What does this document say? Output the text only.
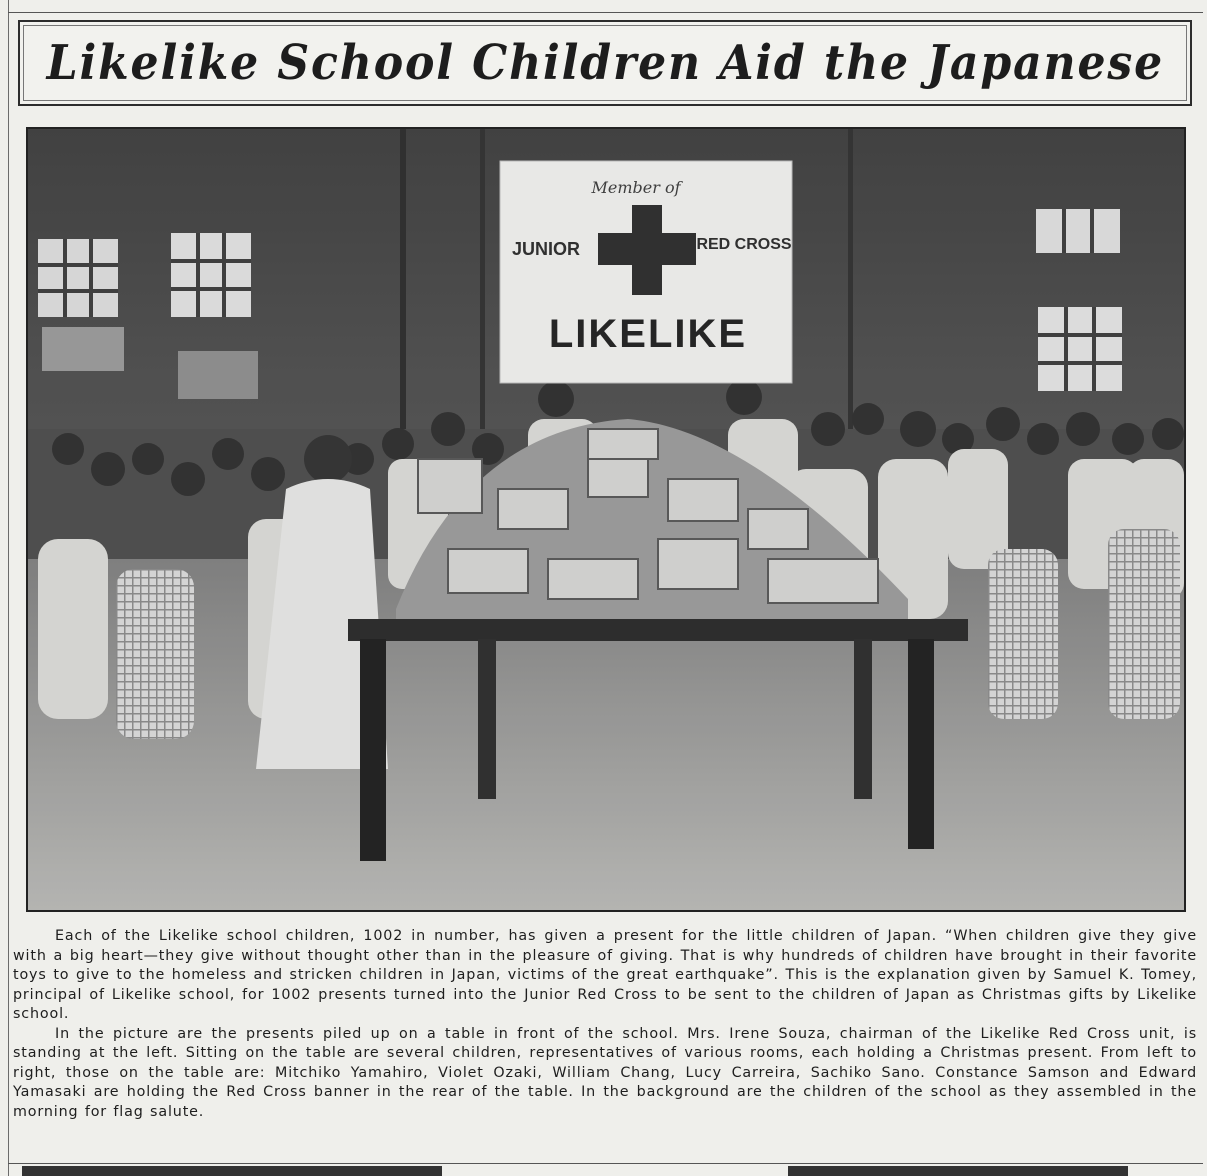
Likelike School Children Aid the Japanese
Member of
JUNIOR	RED CROSS
LIKELIKE

Each of the Likelike school children, 1002 in number, has given a present for the little children of Japan. “When children give they give with a big heart—they give without thought other than in the pleasure of giving. That is why hundreds of children have brought in their favorite toys to give to the homeless and stricken children in Japan, victims of the great earthquake”. This is the explanation given by Samuel K. Tomey, principal of Likelike school, for 1002 presents turned into the Junior Red Cross to be sent to the children of Japan as Christmas gifts by Likelike school.

In the picture are the presents piled up on a table in front of the school. Mrs. Irene Souza, chairman of the Likelike Red Cross unit, is standing at the left. Sitting on the table are several children, representatives of various rooms, each holding a Christmas present. From left to right, those on the table are: Mitchiko Yamahiro, Violet Ozaki, William Chang, Lucy Carreira, Sachiko Sano. Constance Samson and Edward Yamasaki are holding the Red Cross banner in the rear of the table. In the background are the children of the school as they assembled in the morning for flag salute.
